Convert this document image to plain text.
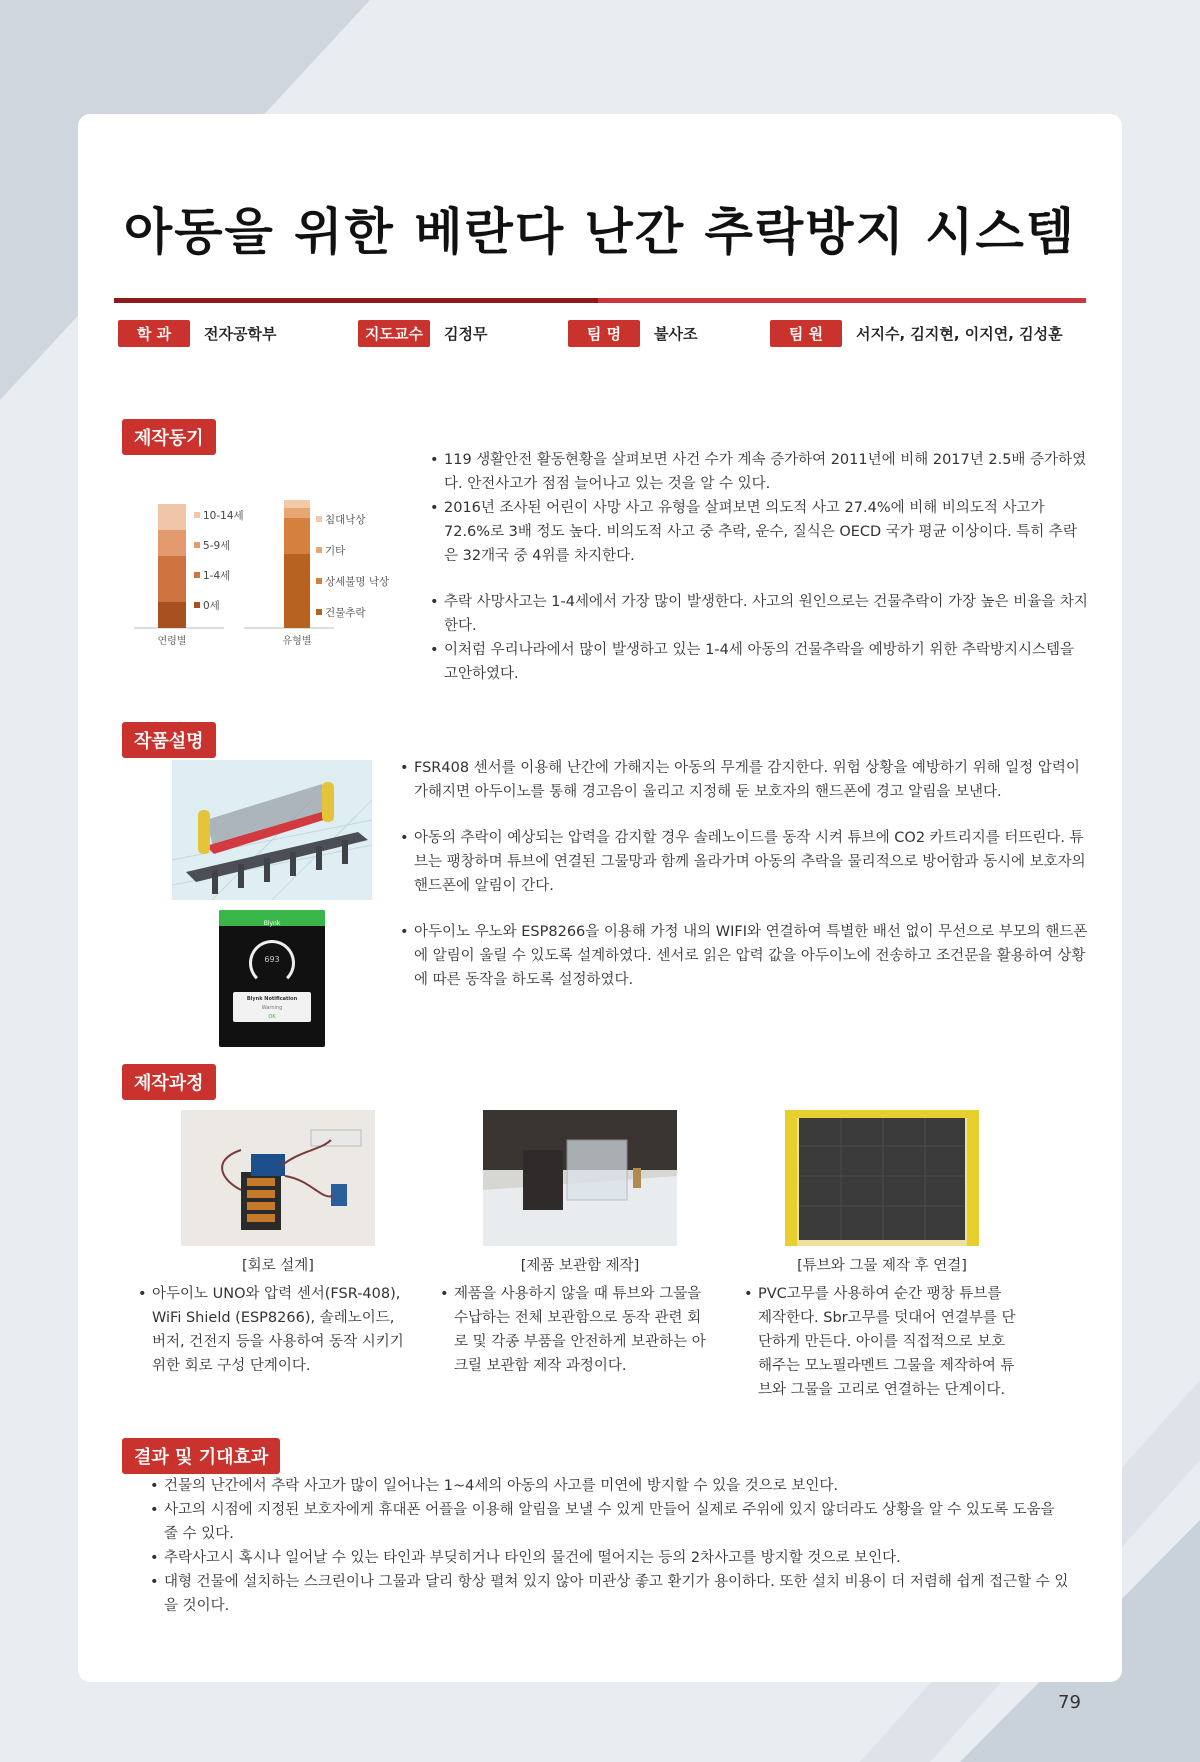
아동을 위한 베란다 난간 추락방지 시스템
학 과 전자공학부	지도교수 김정무	팀 명 불사조	팀 원 서지수, 김지현, 이지연, 김성훈
제작동기
연령별	유형별
10-14세
5-9세
1-4세
0세
침대낙상
기타
상세불명 낙상
건물추락
• 119 생활안전 활동현황을 살펴보면 사건 수가 계속 증가하여 2011년에 비해 2017년 2.5배 증가하였다. 안전사고가 점점 늘어나고 있는 것을 알 수 있다.
• 2016년 조사된 어린이 사망 사고 유형을 살펴보면 의도적 사고 27.4%에 비해 비의도적 사고가 72.6%로 3배 정도 높다. 비의도적 사고 중 추락, 운수, 질식은 OECD 국가 평균 이상이다. 특히 추락은 32개국 중 4위를 차지한다.
• 추락 사망사고는 1-4세에서 가장 많이 발생한다. 사고의 원인으로는 건물추락이 가장 높은 비율을 차지한다.
• 이처럼 우리나라에서 많이 발생하고 있는 1-4세 아동의 건물추락을 예방하기 위한 추락방지시스템을 고안하였다.
작품설명
Blynk
693
Blynk Notification
Warning
OK
• FSR408 센서를 이용해 난간에 가해지는 아동의 무게를 감지한다. 위험 상황을 예방하기 위해 일정 압력이 가해지면 아두이노를 통해 경고음이 울리고 지정해 둔 보호자의 핸드폰에 경고 알림을 보낸다.
• 아동의 추락이 예상되는 압력을 감지할 경우 솔레노이드를 동작 시켜 튜브에 CO2 카트리지를 터뜨린다. 튜브는 팽창하며 튜브에 연결된 그물망과 함께 올라가며 아동의 추락을 물리적으로 방어함과 동시에 보호자의 핸드폰에 알림이 간다.
• 아두이노 우노와 ESP8266을 이용해 가정 내의 WIFI와 연결하여 특별한 배선 없이 무선으로 부모의 핸드폰에 알림이 울릴 수 있도록 설계하였다. 센서로 읽은 압력 값을 아두이노에 전송하고 조건문을 활용하여 상황에 따른 동작을 하도록 설정하였다.
제작과정
[회로 설계]	[제품 보관함 제작]	[튜브와 그물 제작 후 연결]
• 아두이노 UNO와 압력 센서(FSR-408), WiFi Shield (ESP8266), 솔레노이드, 버저, 건전지 등을 사용하여 동작 시키기 위한 회로 구성 단계이다.
• 제품을 사용하지 않을 때 튜브와 그물을 수납하는 전체 보관함으로 동작 관련 회로 및 각종 부품을 안전하게 보관하는 아크릴 보관함 제작 과정이다.
• PVC고무를 사용하여 순간 팽창 튜브를 제작한다. Sbr고무를 덧대어 연결부를 단단하게 만든다. 아이를 직접적으로 보호해주는 모노필라멘트 그물을 제작하여 튜브와 그물을 고리로 연결하는 단계이다.
결과 및 기대효과
• 건물의 난간에서 추락 사고가 많이 일어나는 1~4세의 아동의 사고를 미연에 방지할 수 있을 것으로 보인다.
• 사고의 시점에 지정된 보호자에게 휴대폰 어플을 이용해 알림을 보낼 수 있게 만들어 실제로 주위에 있지 않더라도 상황을 알 수 있도록 도움을 줄 수 있다.
• 추락사고시 혹시나 일어날 수 있는 타인과 부딪히거나 타인의 물건에 떨어지는 등의 2차사고를 방지할 것으로 보인다.
• 대형 건물에 설치하는 스크린이나 그물과 달리 항상 펼쳐 있지 않아 미관상 좋고 환기가 용이하다. 또한 설치 비용이 더 저렴해 쉽게 접근할 수 있을 것이다.
79
